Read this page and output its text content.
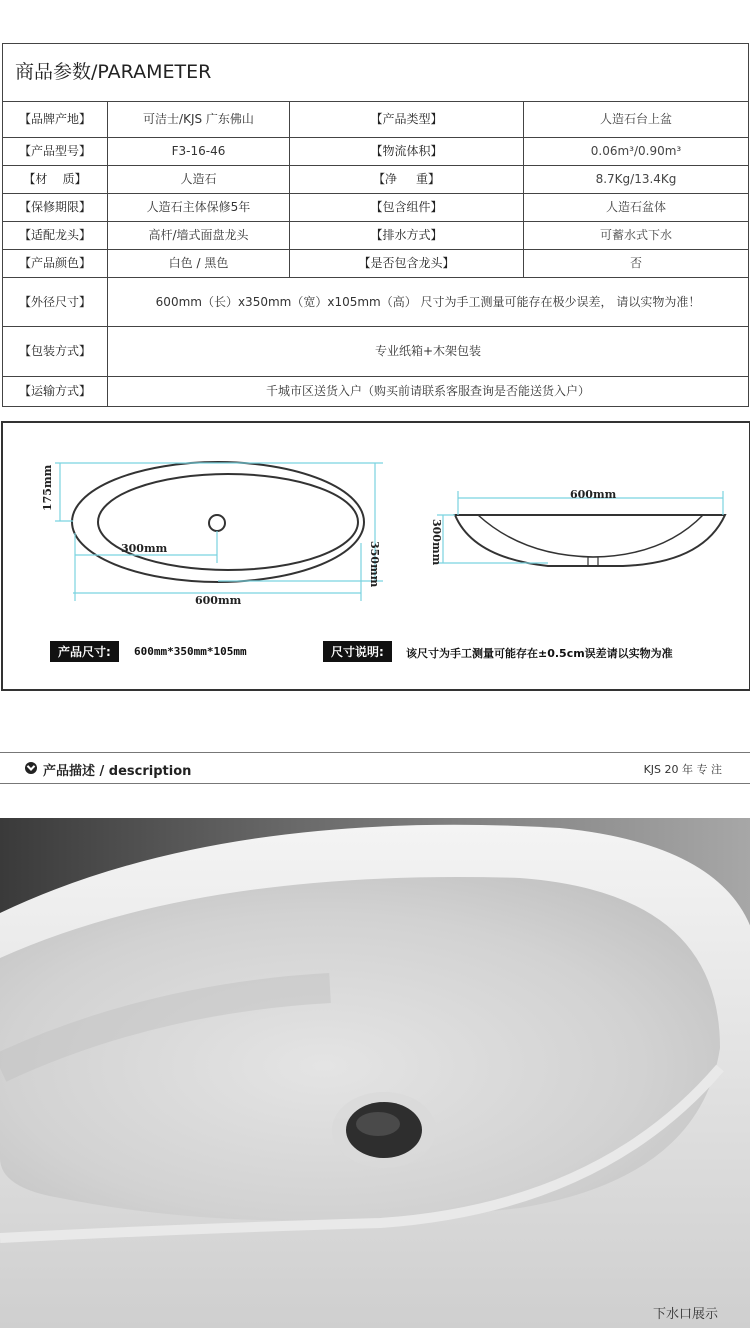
商品参数/PARAMETER			
【品牌产地】	可洁士/KJS 广东佛山	【产品类型】	人造石台上盆
【产品型号】	F3-16-46	【物流体积】	0.06m³/0.90m³
【材    质】	人造石	【净     重】	8.7Kg/13.4Kg
【保修期限】	人造石主体保修5年	【包含组件】	人造石盆体
【适配龙头】	高杆/墙式面盘龙头	【排水方式】	可蓄水式下水
【产品颜色】	白色 / 黑色	【是否包含龙头】	否
【外径尺寸】	600mm（长）x350mm（宽）x105mm（高） 尺寸为手工测量可能存在极少误差， 请以实物为准！		
【包装方式】	专业纸箱+木架包装		
【运输方式】	千城市区送货入户（购买前请联系客服查询是否能送货入户）		
175mm
350mm
300mm
600mm
600mm
300mm
产品尺寸:	600mm*350mm*105mm	尺寸说明:	该尺寸为手工测量可能存在±0.5cm误差请以实物为准
产品描述 / description	KJS 20 年 专 注
下水口展示
